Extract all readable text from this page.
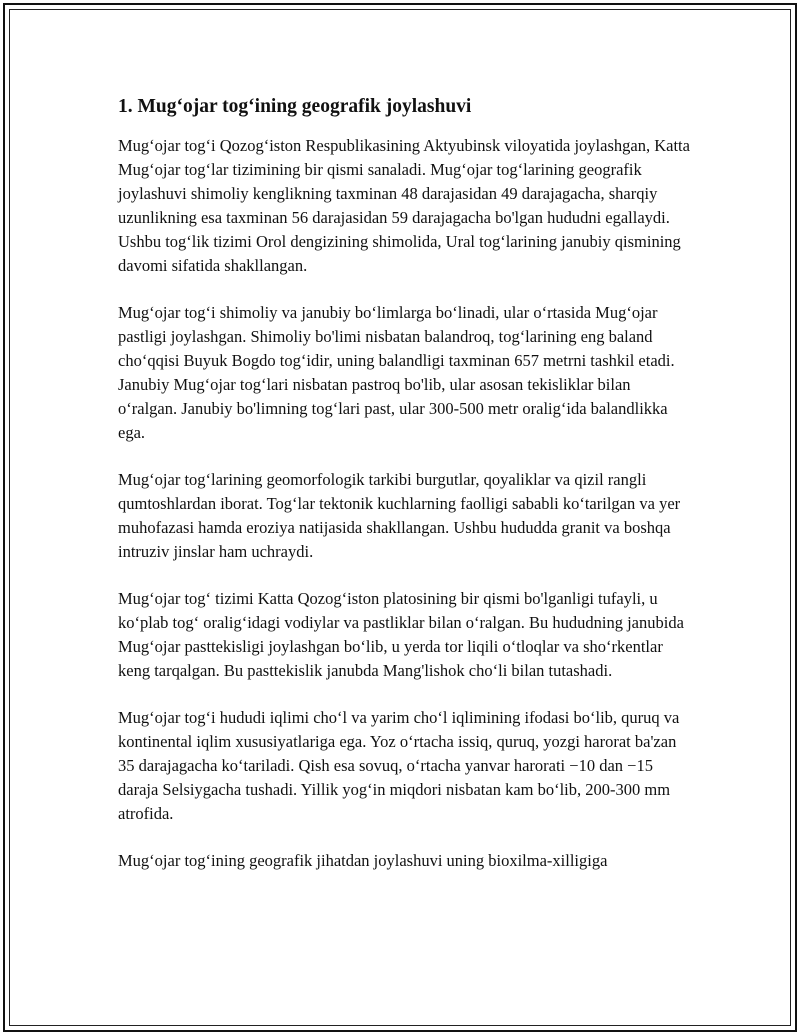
1. Mug‘ojar tog‘ining geografik joylashuvi

Mug‘ojar tog‘i Qozog‘iston Respublikasining Aktyubinsk viloyatida joylashgan, Katta Mug‘ojar tog‘lar tizimining bir qismi sanaladi. Mug‘ojar tog‘larining geografik joylashuvi shimoliy kenglikning taxminan 48 darajasidan 49 darajagacha, sharqiy uzunlikning esa taxminan 56 darajasidan 59 darajagacha bo'lgan hududni egallaydi. Ushbu tog‘lik tizimi Orol dengizining shimolida, Ural tog‘larining janubiy qismining davomi sifatida shakllangan.

Mug‘ojar tog‘i shimoliy va janubiy bo‘limlarga bo‘linadi, ular o‘rtasida Mug‘ojar pastligi joylashgan. Shimoliy bo'limi nisbatan balandroq, tog‘larining eng baland cho‘qqisi Buyuk Bogdo tog‘idir, uning balandligi taxminan 657 metrni tashkil etadi. Janubiy Mug‘ojar tog‘lari nisbatan pastroq bo'lib, ular asosan tekisliklar bilan o‘ralgan. Janubiy bo'limning tog‘lari past, ular 300-500 metr oralig‘ida balandlikka ega.

Mug‘ojar tog‘larining geomorfologik tarkibi burgutlar, qoyaliklar va qizil rangli qumtoshlardan iborat. Tog‘lar tektonik kuchlarning faolligi sababli ko‘tarilgan va yer muhofazasi hamda eroziya natijasida shakllangan. Ushbu hududda granit va boshqa intruziv jinslar ham uchraydi.

Mug‘ojar tog‘ tizimi Katta Qozog‘iston platosining bir qismi bo'lganligi tufayli, u ko‘plab tog‘ oralig‘idagi vodiylar va pastliklar bilan o‘ralgan. Bu hududning janubida Mug‘ojar pasttekisligi joylashgan bo‘lib, u yerda tor liqili o‘tloqlar va sho‘rkentlar keng tarqalgan. Bu pasttekislik janubda Mang'lishok cho‘li bilan tutashadi.

Mug‘ojar tog‘i hududi iqlimi cho‘l va yarim cho‘l iqlimining ifodasi bo‘lib, quruq va kontinental iqlim xususiyatlariga ega. Yoz o‘rtacha issiq, quruq, yozgi harorat ba'zan 35 darajagacha ko‘tariladi. Qish esa sovuq, o‘rtacha yanvar harorati −10 dan −15 daraja Selsiygacha tushadi. Yillik yog‘in miqdori nisbatan kam bo‘lib, 200-300 mm atrofida.

Mug‘ojar tog‘ining geografik jihatdan joylashuvi uning bioxilma-xilligiga
